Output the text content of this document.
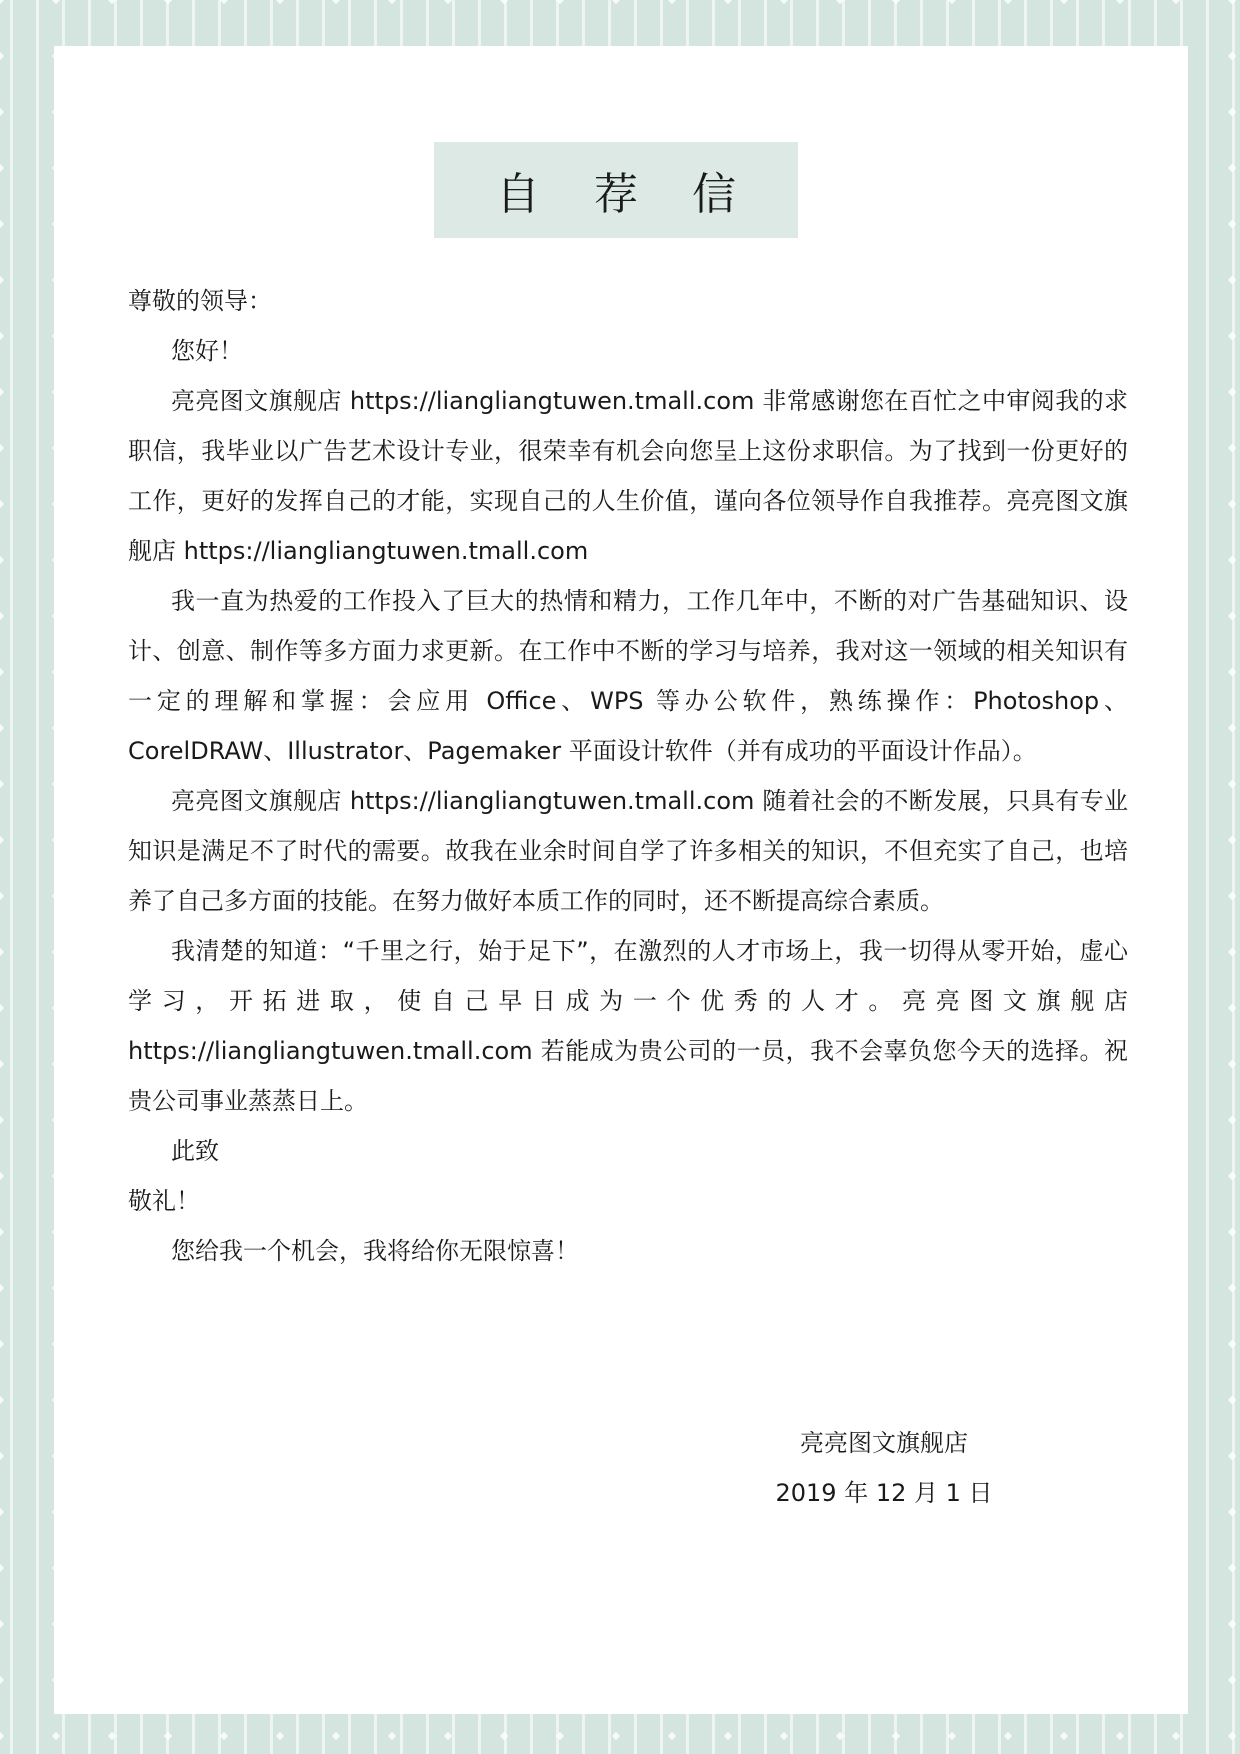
自 荐 信

尊敬的领导：

您好！

亮亮图文旗舰店 https://liangliangtuwen.tmall.com 非常感谢您在百忙之中审阅我的求职信，我毕业以广告艺术设计专业，很荣幸有机会向您呈上这份求职信。为了找到一份更好的工作，更好的发挥自己的才能，实现自己的人生价值，谨向各位领导作自我推荐。亮亮图文旗舰店 https://liangliangtuwen.tmall.com

我一直为热爱的工作投入了巨大的热情和精力，工作几年中，不断的对广告基础知识、设计、创意、制作等多方面力求更新。在工作中不断的学习与培养，我对这一领域的相关知识有一定的理解和掌握：会应用 Office、WPS 等办公软件，熟练操作：Photoshop、CorelDRAW、Illustrator、Pagemaker 平面设计软件（并有成功的平面设计作品）。

亮亮图文旗舰店 https://liangliangtuwen.tmall.com 随着社会的不断发展，只具有专业知识是满足不了时代的需要。故我在业余时间自学了许多相关的知识，不但充实了自己，也培养了自己多方面的技能。在努力做好本质工作的同时，还不断提高综合素质。

我清楚的知道：“千里之行，始于足下”，在激烈的人才市场上，我一切得从零开始，虚心学习，开拓进取，使自己早日成为一个优秀的人才。亮亮图文旗舰店 https://liangliangtuwen.tmall.com 若能成为贵公司的一员，我不会辜负您今天的选择。祝贵公司事业蒸蒸日上。

此致

敬礼！

您给我一个机会，我将给你无限惊喜！

亮亮图文旗舰店

2019 年 12 月 1 日
